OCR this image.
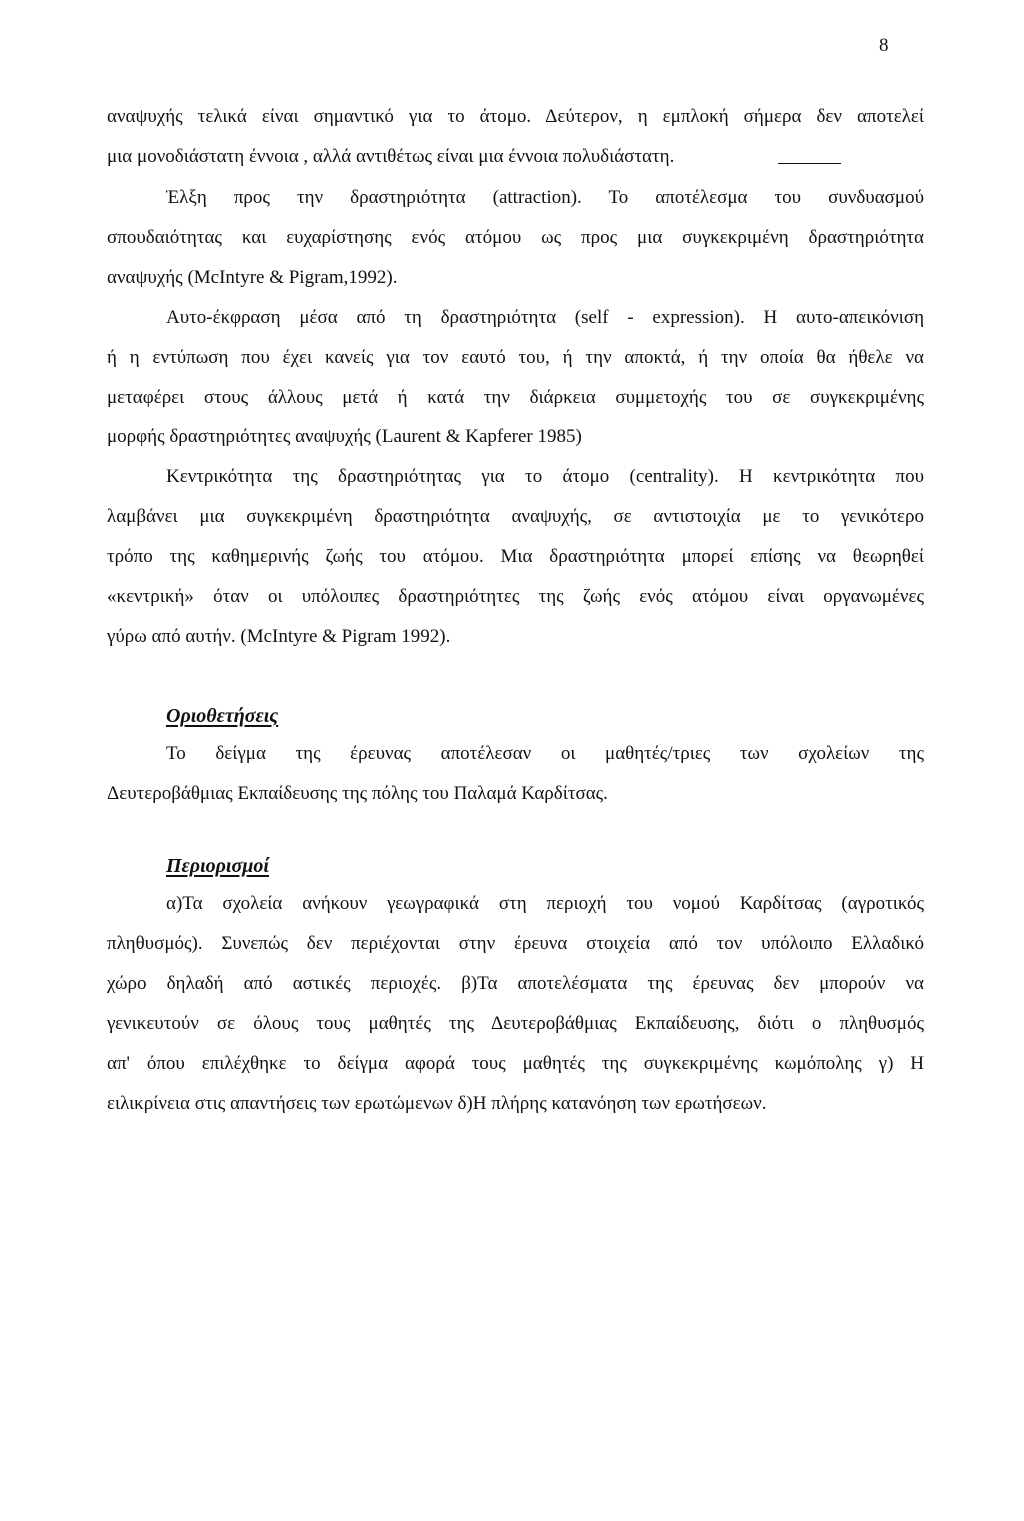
8
αναψυχής τελικά είναι σημαντικό για το άτομο. Δεύτερον, η εμπλοκή σήμερα δεν αποτελεί
μια μονοδιάστατη έννοια , αλλά αντιθέτως είναι μια έννοια πολυδιάστατη.
Έλξη προς την δραστηριότητα (attraction). Το αποτέλεσμα του συνδυασμού
σπουδαιότητας και ευχαρίστησης ενός ατόμου ως προς μια συγκεκριμένη δραστηριότητα
αναψυχής (McIntyre & Pigram,1992).
Αυτο-έκφραση μέσα από τη δραστηριότητα (self - expression). Η αυτο-απεικόνιση
ή η εντύπωση που έχει κανείς για τον εαυτό του, ή την αποκτά, ή την οποία θα ήθελε να
μεταφέρει στους άλλους μετά ή κατά την διάρκεια συμμετοχής του σε συγκεκριμένης
μορφής δραστηριότητες αναψυχής (Laurent & Kapferer 1985)
Κεντρικότητα της δραστηριότητας για το άτομο (centrality). Η κεντρικότητα που
λαμβάνει μια συγκεκριμένη δραστηριότητα αναψυχής, σε αντιστοιχία με το γενικότερο
τρόπο της καθημερινής ζωής του ατόμου. Μια δραστηριότητα μπορεί επίσης να θεωρηθεί
«κεντρική» όταν οι υπόλοιπες δραστηριότητες της ζωής ενός ατόμου είναι οργανωμένες
γύρω από αυτήν. (McIntyre & Pigram 1992).
Οριοθετήσεις
Το δείγμα της έρευνας αποτέλεσαν οι μαθητές/τριες των σχολείων της
Δευτεροβάθμιας Εκπαίδευσης της πόλης του Παλαμά Καρδίτσας.
Περιορισμοί
α)Τα σχολεία ανήκουν γεωγραφικά στη περιοχή του νομού Καρδίτσας (αγροτικός
πληθυσμός). Συνεπώς δεν περιέχονται στην έρευνα στοιχεία από τον υπόλοιπο Ελλαδικό
χώρο δηλαδή από αστικές περιοχές. β)Τα αποτελέσματα της έρευνας δεν μπορούν να
γενικευτούν σε όλους τους μαθητές της Δευτεροβάθμιας Εκπαίδευσης, διότι ο πληθυσμός
απ' όπου επιλέχθηκε το δείγμα αφορά τους μαθητές της συγκεκριμένης κωμόπολης γ) Η
ειλικρίνεια στις απαντήσεις των ερωτώμενων δ)Η πλήρης κατανόηση των ερωτήσεων.
